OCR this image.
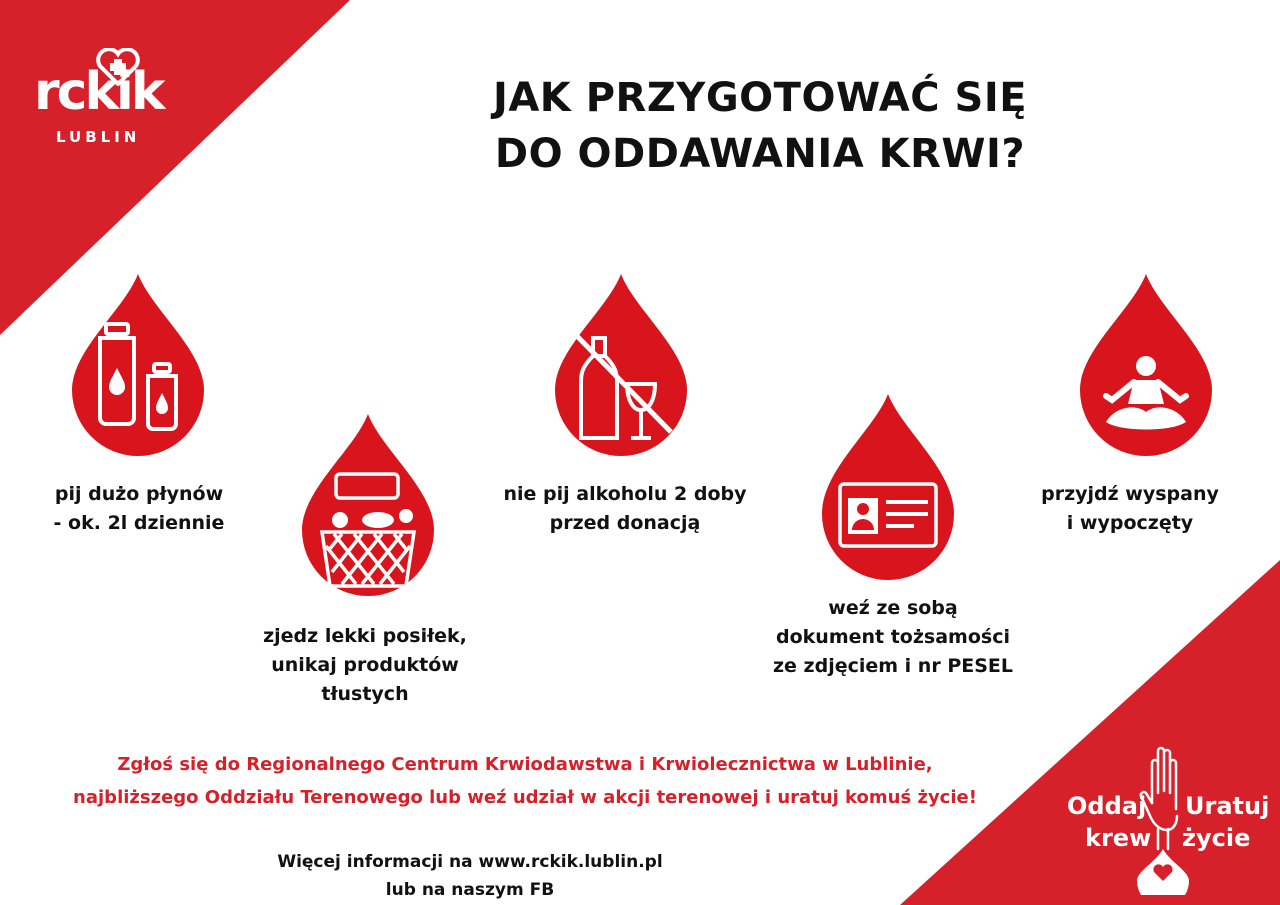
rckik
LUBLIN
JAK PRZYGOTOWAĆ SIĘ
DO ODDAWANIA KRWI?
pij dużo płynów
- ok. 2l dziennie
zjedz lekki posiłek,
unikaj produktów
tłustych
nie pij alkoholu 2 doby
przed donacją
weź ze sobą
dokument tożsamości
ze zdjęciem i nr PESEL
przyjdź wyspany
i wypoczęty
Zgłoś się do Regionalnego Centrum Krwiodawstwa i Krwiolecznictwa w Lublinie,
najbliższego Oddziału Terenowego lub weź udział w akcji terenowej i uratuj komuś życie!
Więcej informacji na www.rckik.lublin.pl
lub na naszym FB
Oddaj
krew
Uratuj
życie
